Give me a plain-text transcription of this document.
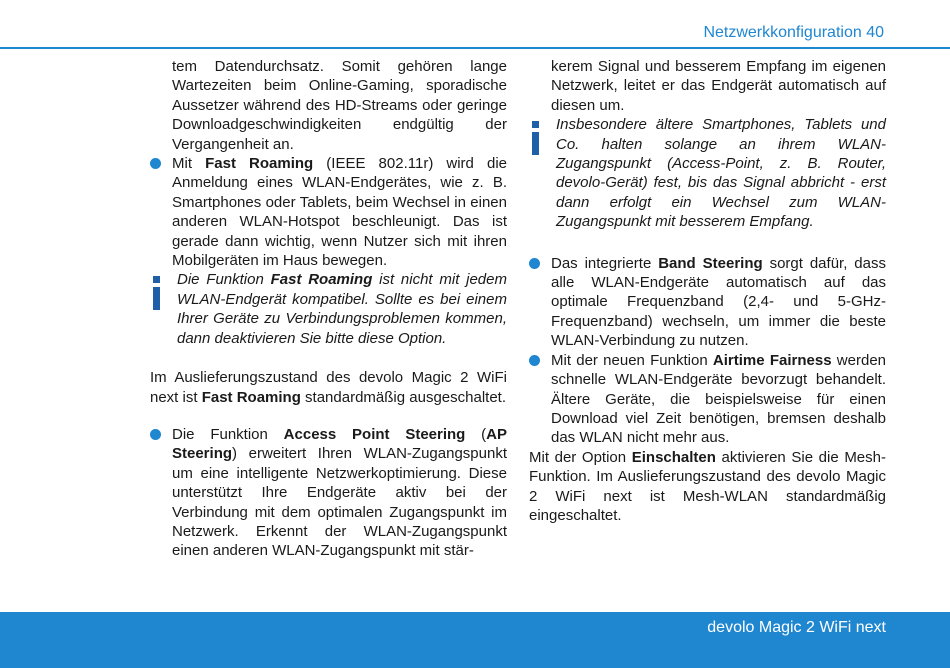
Netzwerkkonfiguration 40

tem Datendurchsatz. Somit gehören lange Wartezeiten beim Online-Gaming, sporadische Aussetzer während des HD-Streams oder geringe Downloadgeschwindigkeiten endgültig der Vergangenheit an.

Mit Fast Roaming (IEEE 802.11r) wird die Anmeldung eines WLAN-Endgerätes, wie z. B. Smartphones oder Tablets, beim Wechsel in einen anderen WLAN-Hotspot beschleunigt. Das ist gerade dann wichtig, wenn Nutzer sich mit ihren Mobilgeräten im Haus bewegen.
Die Funktion Fast Roaming ist nicht mit jedem WLAN-Endgerät kompatibel. Sollte es bei einem Ihrer Geräte zu Verbindungsproblemen kommen, dann deaktivieren Sie bitte diese Option.

Im Auslieferungszustand des devolo Magic 2 WiFi next ist Fast Roaming standardmäßig ausgeschaltet.

Die Funktion Access Point Steering (AP Steering) erweitert Ihren WLAN-Zugangspunkt um eine intelligente Netzwerkoptimierung. Diese unterstützt Ihre Endgeräte aktiv bei der Verbindung mit dem optimalen Zugangspunkt im Netzwerk. Erkennt der WLAN-Zugangspunkt einen anderen WLAN-Zugangspunkt mit stär-

kerem Signal und besserem Empfang im eigenen Netzwerk, leitet er das Endgerät automatisch auf diesen um.

Insbesondere ältere Smartphones, Tablets und Co. halten solange an ihrem WLAN-Zugangspunkt (Access-Point, z. B. Router, devolo-Gerät) fest, bis das Signal abbricht - erst dann erfolgt ein Wechsel zum WLAN-Zugangspunkt mit besserem Empfang.
Das integrierte Band Steering sorgt dafür, dass alle WLAN-Endgeräte automatisch auf das optimale Frequenzband (2,4- und 5-GHz-Frequenzband) wechseln, um immer die beste WLAN-Verbindung zu nutzen.
Mit der neuen Funktion Airtime Fairness werden schnelle WLAN-Endgeräte bevorzugt behandelt. Ältere Geräte, die beispielsweise für einen Download viel Zeit benötigen, bremsen deshalb das WLAN nicht mehr aus.

Mit der Option Einschalten aktivieren Sie die Mesh-Funktion. Im Auslieferungszustand des devolo Magic 2 WiFi next ist Mesh-WLAN standardmäßig eingeschaltet.

devolo Magic 2 WiFi next
